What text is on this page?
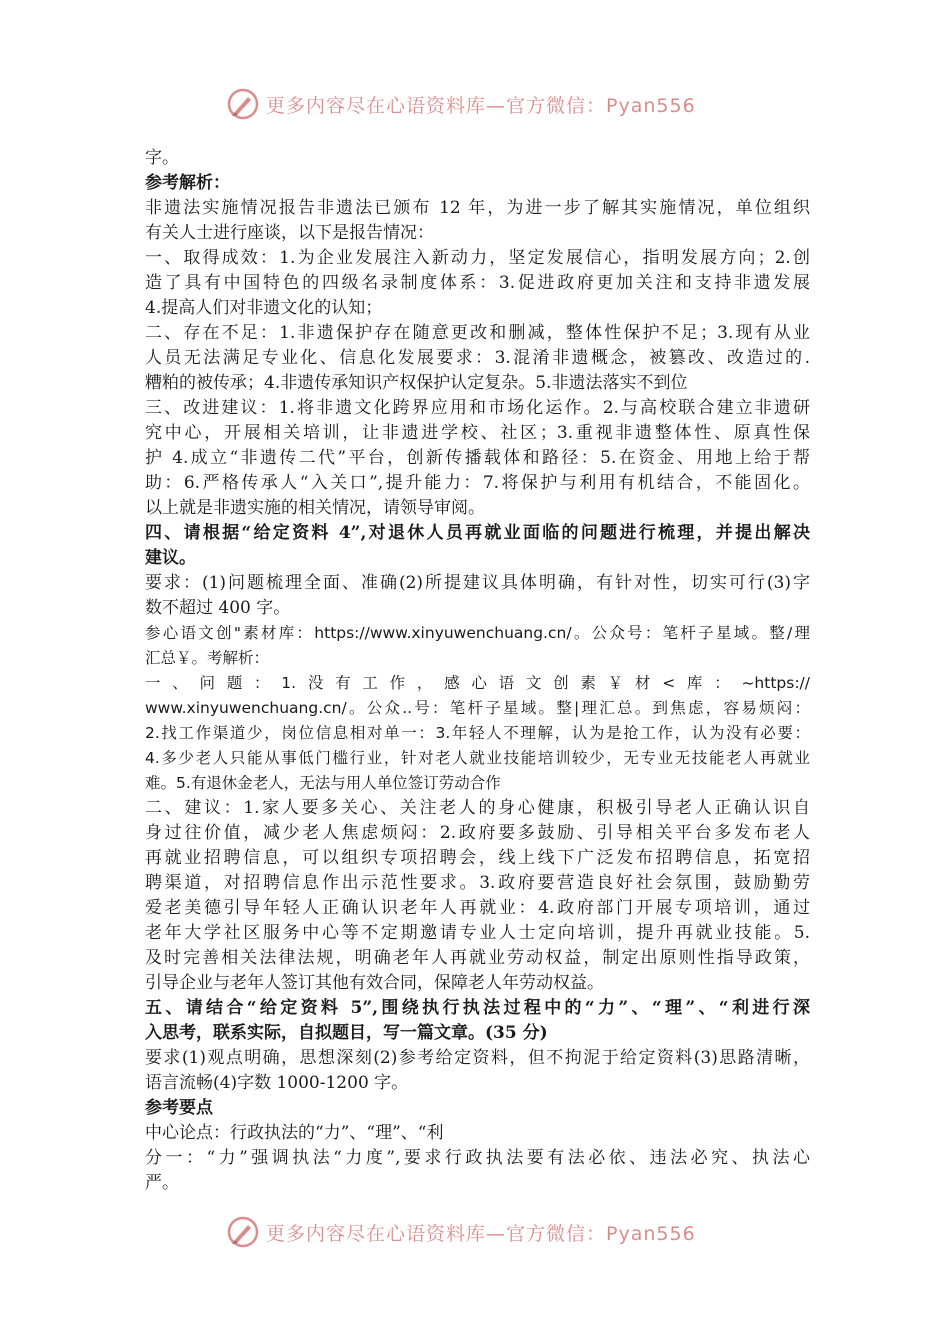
更多内容尽在心语资料库—官方微信：Pyan556
字。
参考解析：
非遗法实施情况报告非遗法已颁布 12 年，为进一步了解其实施情况，单位组织
有关人士进行座谈，以下是报告情况：
一、取得成效：1.为企业发展注入新动力，坚定发展信心，指明发展方向；2.创
造了具有中国特色的四级名录制度体系：3.促进政府更加关注和支持非遗发展
4.提高人们对非遗文化的认知；
二、存在不足：1.非遗保护存在随意更改和删减，整体性保护不足；3.现有从业
人员无法满足专业化、信息化发展要求：3.混淆非遗概念，被篡改、改造过的.
糟粕的被传承；4.非遗传承知识产权保护认定复杂。5.非遗法落实不到位
三、改进建议：1.将非遗文化跨界应用和市场化运作。2.与高校联合建立非遗研
究中心，开展相关培训，让非遗进学校、社区；3.重视非遗整体性、原真性保
护 4.成立“非遗传二代”平台，创新传播载体和路径：5.在资金、用地上给于帮
助：6.严格传承人“入关口”,提升能力：7.将保护与利用有机结合，不能固化。
以上就是非遗实施的相关情况，请领导审阅。
四、请根据“给定资料 4”,对退休人员再就业面临的问题进行梳理，并提出解决
建议。
要求：(1)问题梳理全面、准确(2)所提建议具体明确，有针对性，切实可行(3)字
数不超过 400 字。
参心语文创"素材库：https://www.xinyuwenchuang.cn/。公众号：笔杆子星域。整/理
汇总￥。考解析：
一、问题：1.没有工作，感心语文创素￥材<库：~https://
www.xinyuwenchuang.cn/。公众..号：笔杆子星域。整|理汇总。到焦虑，容易烦闷：
2.找工作渠道少，岗位信息相对单一：3.年轻人不理解，认为是抢工作，认为没有必要：
4.多少老人只能从事低门槛行业，针对老人就业技能培训较少，无专业无技能老人再就业
难。5.有退休金老人，无法与用人单位签订劳动合作
二、建议：1.家人要多关心、关注老人的身心健康，积极引导老人正确认识自
身过往价值，减少老人焦虑烦闷：2.政府要多鼓励、引导相关平台多发布老人
再就业招聘信息，可以组织专项招聘会，线上线下广泛发布招聘信息，拓宽招
聘渠道，对招聘信息作出示范性要求。3.政府要营造良好社会氛围，鼓励勤劳
爱老美德引导年轻人正确认识老年人再就业：4.政府部门开展专项培训，通过
老年大学社区服务中心等不定期邀请专业人士定向培训，提升再就业技能。5.
及时完善相关法律法规，明确老年人再就业劳动权益，制定出原则性指导政策，
引导企业与老年人签订其他有效合同，保障老人年劳动权益。
五、请结合“给定资料 5”,围绕执行执法过程中的“力”、“理”、“利进行深
入思考，联系实际，自拟题目，写一篇文章。(35 分)
要求(1)观点明确，思想深刻(2)参考给定资料，但不拘泥于给定资料(3)思路清晰，
语言流畅(4)字数 1000-1200 字。
参考要点
中心论点：行政执法的“力”、“理”、“利
分一：“力”强调执法“力度”,要求行政执法要有法必依、违法必究、执法心
严。
更多内容尽在心语资料库—官方微信：Pyan556
